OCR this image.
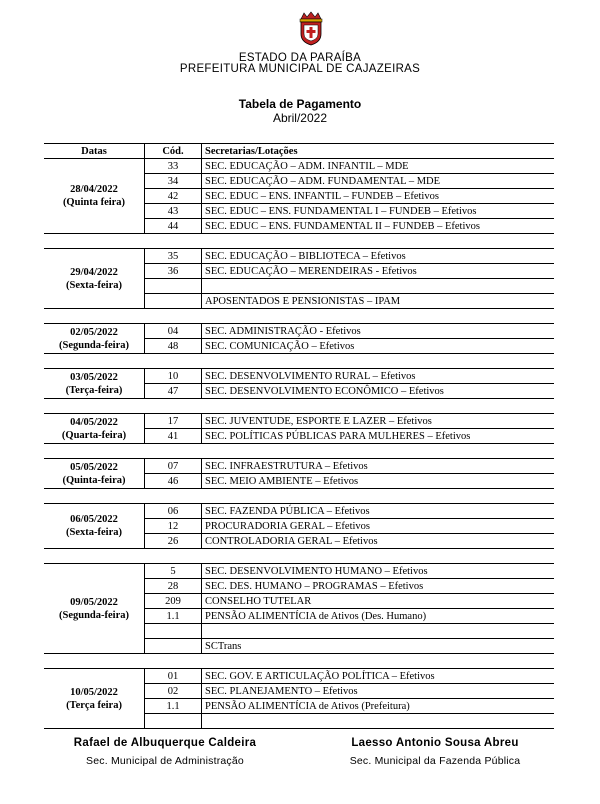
ESTADO DA PARAÍBA
PREFEITURA MUNICIPAL DE CAJAZEIRAS
Tabela de Pagamento
Abril/2022
Datas	Cód.	Secretarias/Lotações

28/04/2022
(Quinta feira)	33	SEC. EDUCAÇÃO – ADM. INFANTIL – MDE
	34	SEC. EDUCAÇÃO – ADM. FUNDAMENTAL – MDE
	42	SEC. EDUC – ENS. INFANTIL – FUNDEB – Efetivos
	43	SEC. EDUC – ENS. FUNDAMENTAL I – FUNDEB – Efetivos
	44	SEC. EDUC – ENS. FUNDAMENTAL II – FUNDEB – Efetivos

29/04/2022
(Sexta-feira)	35	SEC. EDUCAÇÃO – BIBLIOTECA – Efetivos
	36	SEC. EDUCAÇÃO – MERENDEIRAS - Efetivos

		APOSENTADOS E PENSIONISTAS – IPAM

02/05/2022
(Segunda-feira)	04	SEC. ADMINISTRAÇÃO - Efetivos
	48	SEC. COMUNICAÇÃO – Efetivos

03/05/2022
(Terça-feira)	10	SEC. DESENVOLVIMENTO RURAL – Efetivos
	47	SEC. DESENVOLVIMENTO ECONÔMICO – Efetivos

04/05/2022
(Quarta-feira)	17	SEC. JUVENTUDE, ESPORTE E LAZER – Efetivos
	41	SEC. POLÍTICAS PÚBLICAS PARA MULHERES – Efetivos

05/05/2022
(Quinta-feira)	07	SEC. INFRAESTRUTURA – Efetivos
	46	SEC. MEIO AMBIENTE – Efetivos

06/05/2022
(Sexta-feira)	06	SEC. FAZENDA PÚBLICA – Efetivos
	12	PROCURADORIA GERAL – Efetivos
	26	CONTROLADORIA GERAL – Efetivos

09/05/2022
(Segunda-feira)	5	SEC. DESENVOLVIMENTO HUMANO – Efetivos
	28	SEC. DES. HUMANO – PROGRAMAS – Efetivos
	209	CONSELHO TUTELAR
	1.1	PENSÃO ALIMENTÍCIA de Ativos (Des. Humano)

		SCTrans

10/05/2022
(Terça feira)	01	SEC. GOV. E ARTICULAÇÃO POLÍTICA – Efetivos
	02	SEC. PLANEJAMENTO – Efetivos
	1.1	PENSÃO ALIMENTÍCIA de Ativos (Prefeitura)

Rafael de Albuquerque Caldeira
Sec. Municipal de Administração
Laesso Antonio Sousa Abreu
Sec. Municipal da Fazenda Pública
